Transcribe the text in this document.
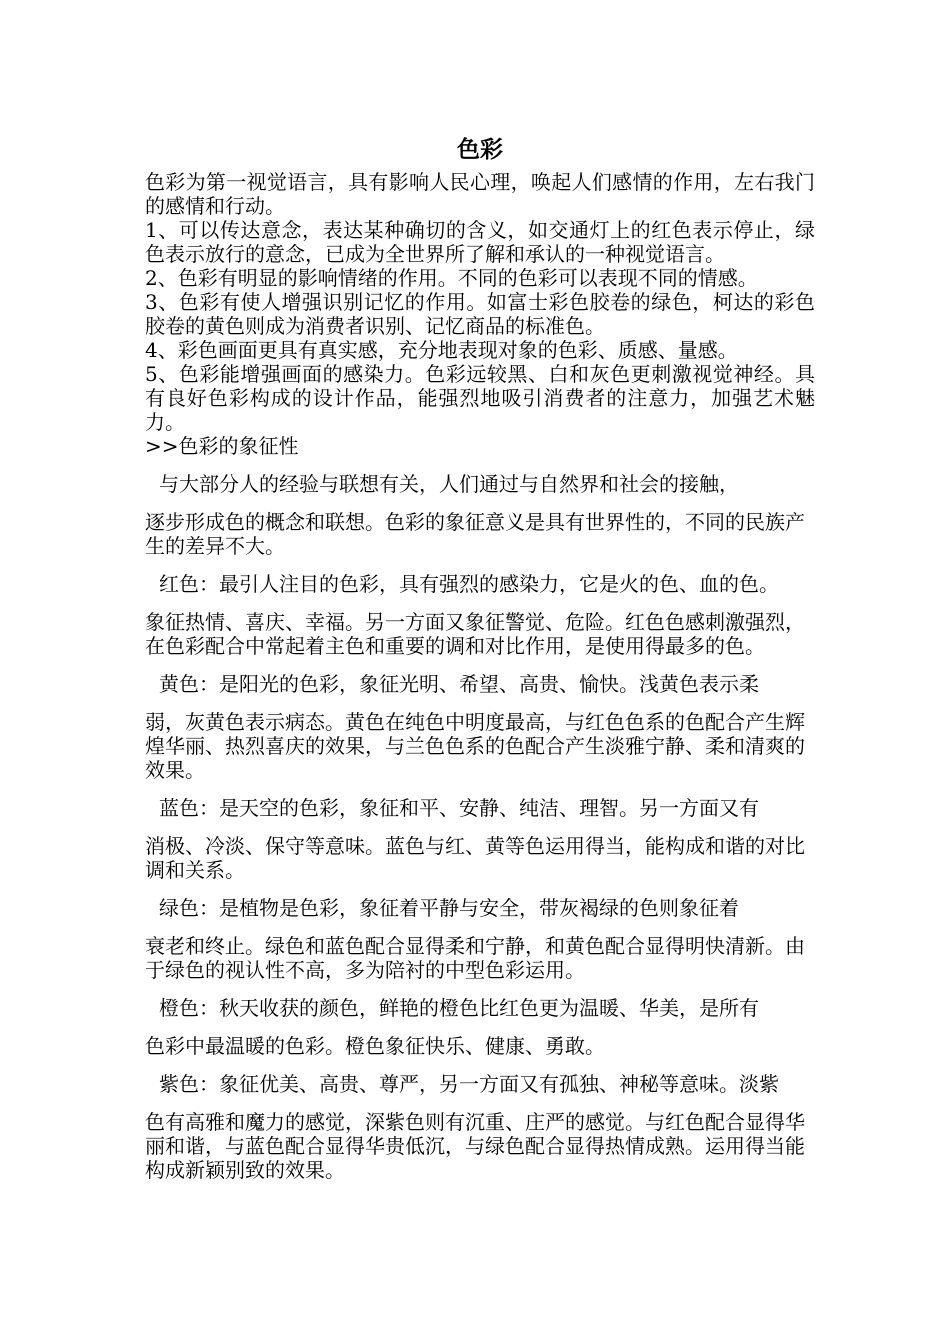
色彩

色彩为第一视觉语言，具有影响人民心理，唤起人们感情的作用，左右我门的感情和行动。

1、可以传达意念，表达某种确切的含义，如交通灯上的红色表示停止，绿色表示放行的意念，已成为全世界所了解和承认的一种视觉语言。

2、色彩有明显的影响情绪的作用。不同的色彩可以表现不同的情感。

3、色彩有使人增强识别记忆的作用。如富士彩色胶卷的绿色，柯达的彩色胶卷的黄色则成为消费者识别、记忆商品的标准色。

4、彩色画面更具有真实感，充分地表现对象的色彩、质感、量感。

5、色彩能增强画面的感染力。色彩远较黑、白和灰色更刺激视觉神经。具有良好色彩构成的设计作品，能强烈地吸引消费者的注意力，加强艺术魅力。

>>色彩的象征性

与大部分人的经验与联想有关，人们通过与自然界和社会的接触，
逐步形成色的概念和联想。色彩的象征意义是具有世界性的，不同的民族产生的差异不大。
红色：最引人注目的色彩，具有强烈的感染力，它是火的色、血的色。
象征热情、喜庆、幸福。另一方面又象征警觉、危险。红色色感刺激强烈，在色彩配合中常起着主色和重要的调和对比作用，是使用得最多的色。
黄色：是阳光的色彩，象征光明、希望、高贵、愉快。浅黄色表示柔
弱，灰黄色表示病态。黄色在纯色中明度最高，与红色色系的色配合产生辉煌华丽、热烈喜庆的效果，与兰色色系的色配合产生淡雅宁静、柔和清爽的效果。
蓝色：是天空的色彩，象征和平、安静、纯洁、理智。另一方面又有
消极、冷淡、保守等意味。蓝色与红、黄等色运用得当，能构成和谐的对比调和关系。
绿色：是植物是色彩，象征着平静与安全，带灰褐绿的色则象征着
衰老和终止。绿色和蓝色配合显得柔和宁静，和黄色配合显得明快清新。由于绿色的视认性不高，多为陪衬的中型色彩运用。
橙色：秋天收获的颜色，鲜艳的橙色比红色更为温暖、华美，是所有
色彩中最温暖的色彩。橙色象征快乐、健康、勇敢。
紫色：象征优美、高贵、尊严，另一方面又有孤独、神秘等意味。淡紫
色有高雅和魔力的感觉，深紫色则有沉重、庄严的感觉。与红色配合显得华丽和谐，与蓝色配合显得华贵低沉，与绿色配合显得热情成熟。运用得当能构成新颖别致的效果。
